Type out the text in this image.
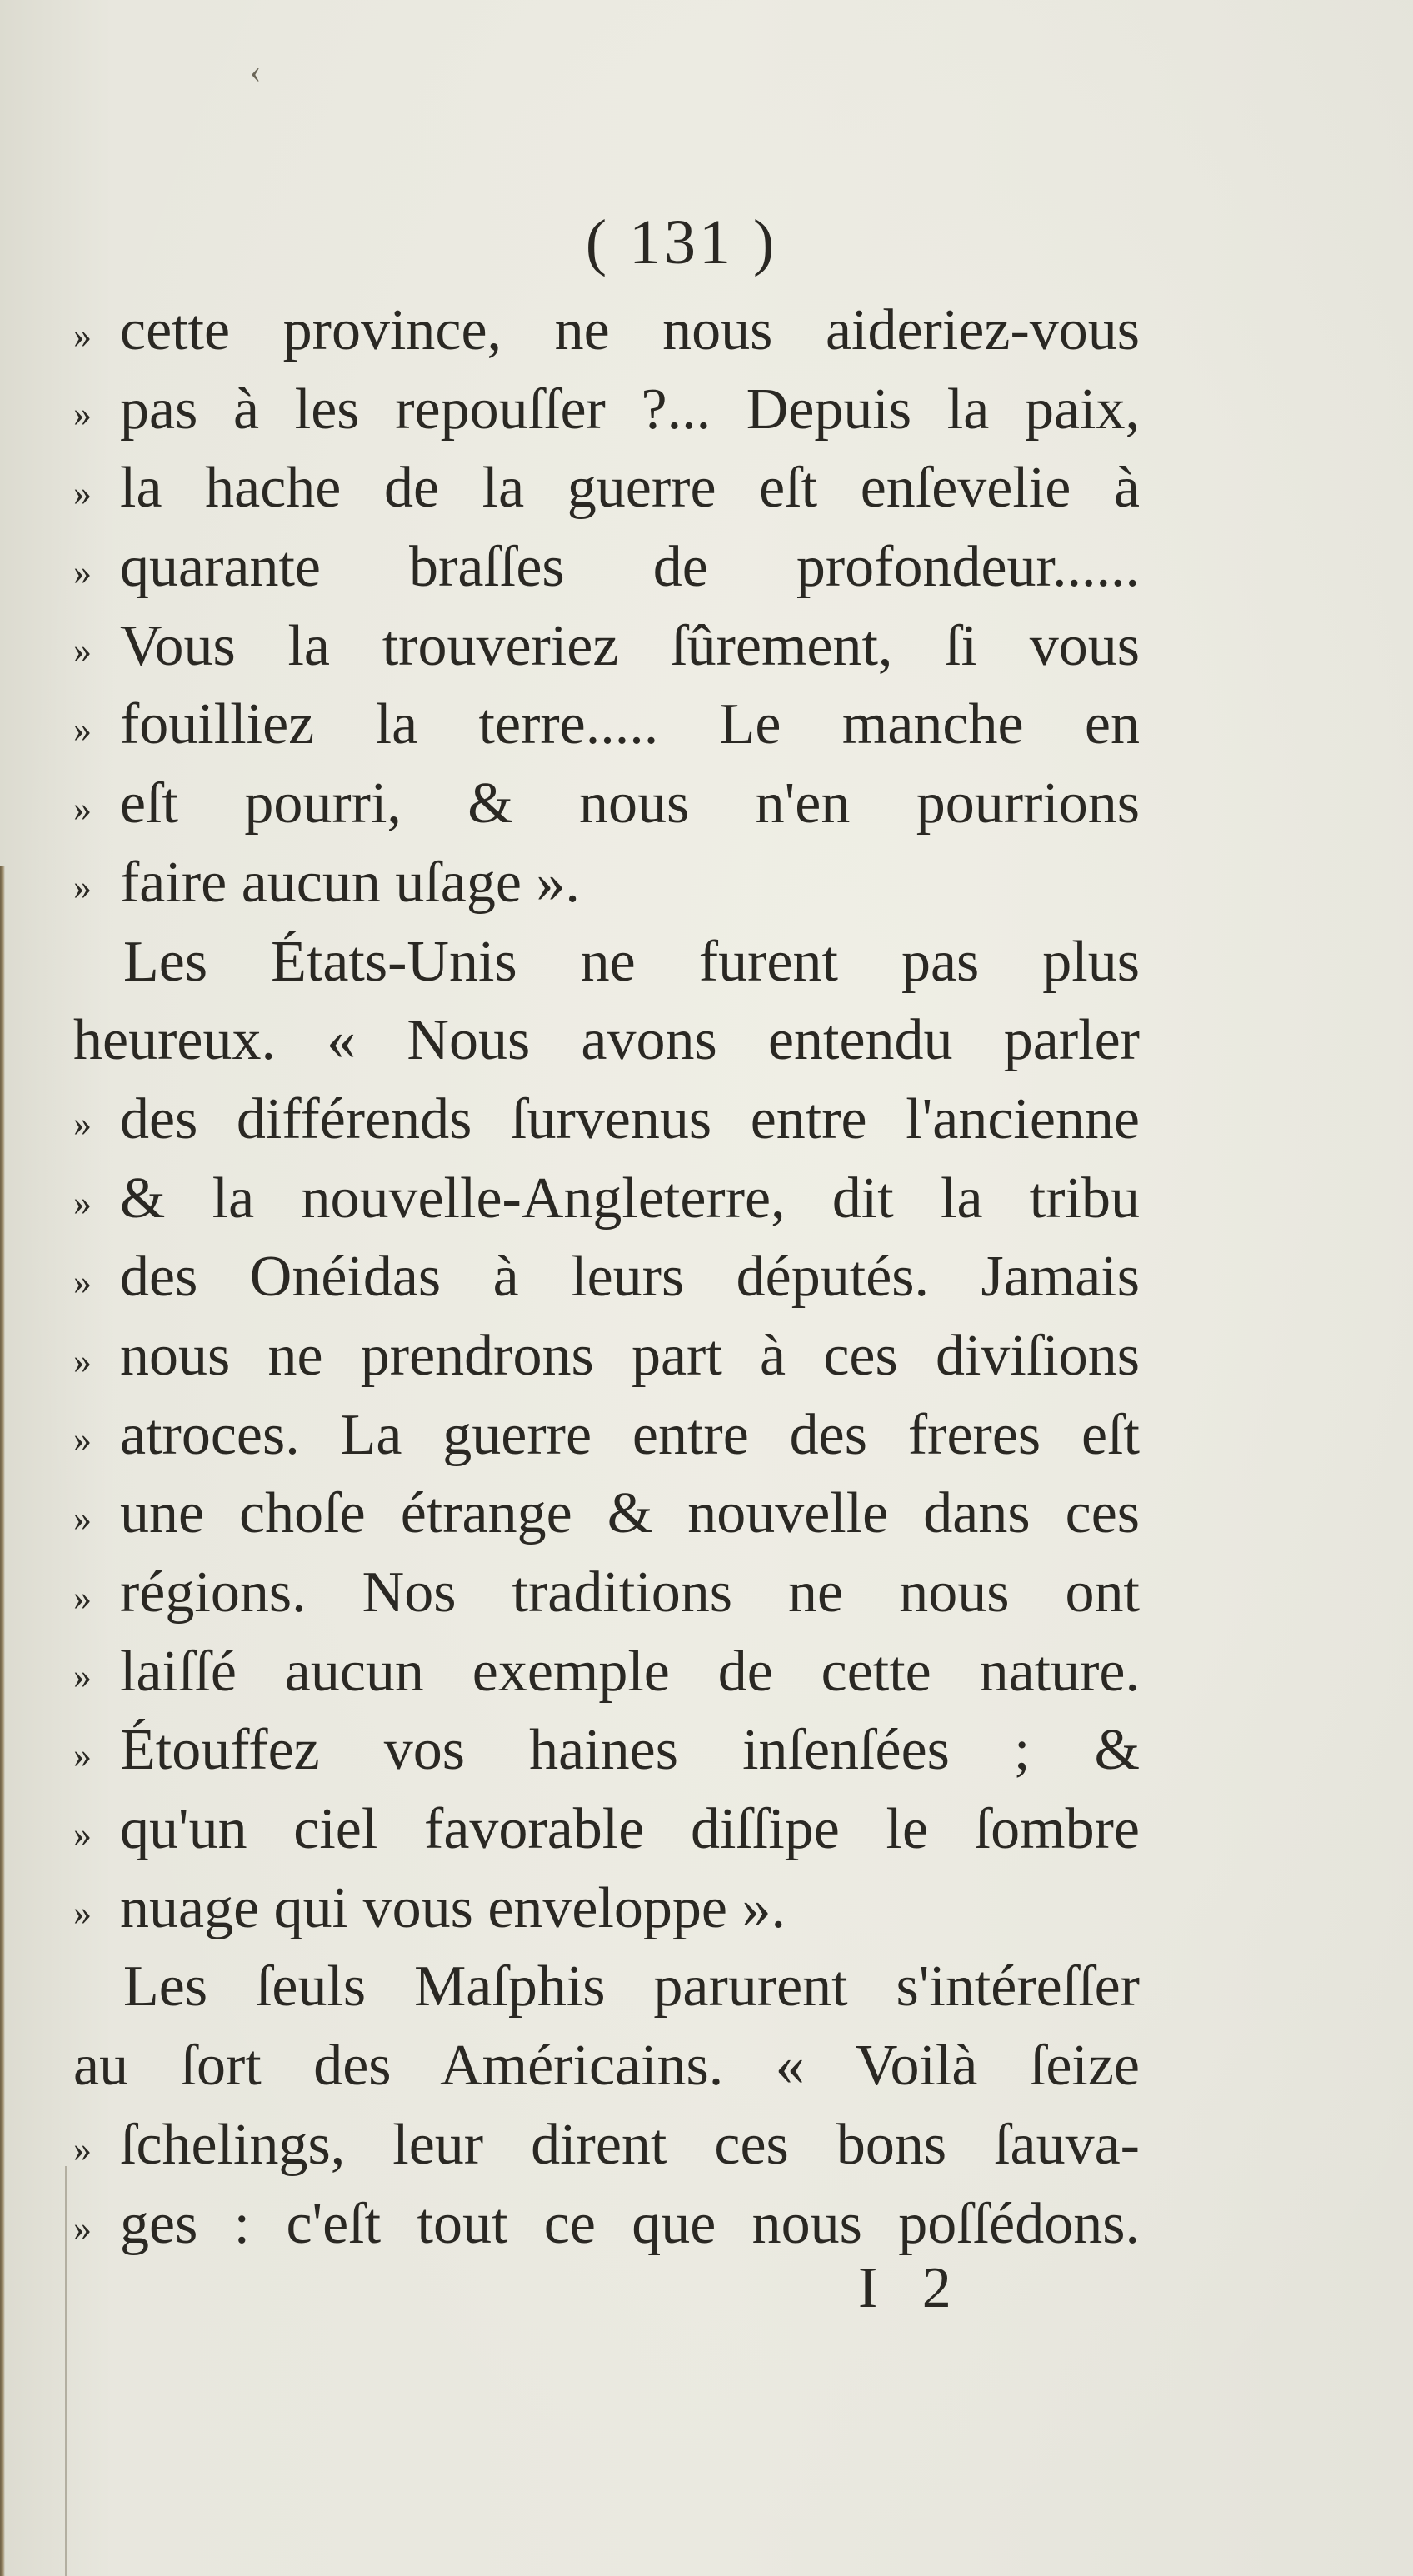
‹
( 131 )
» cette province, ne nous aideriez-vous
» pas à les repouſſer ?... Depuis la paix,
» la hache de la guerre eſt enſevelie à
» quarante braſſes de profondeur......
» Vous la trouveriez ſûrement, ſi vous
» fouilliez la terre..... Le manche en
» eſt pourri, & nous n'en pourrions
» faire aucun uſage ».
Les États-Unis ne furent pas plus
heureux. « Nous avons entendu parler
» des différends ſurvenus entre l'ancienne
» & la nouvelle-Angleterre, dit la tribu
» des Onéidas à leurs députés. Jamais
» nous ne prendrons part à ces diviſions
» atroces. La guerre entre des freres eſt
» une choſe étrange & nouvelle dans ces
» régions. Nos traditions ne nous ont
» laiſſé aucun exemple de cette nature.
» Étouffez vos haines inſenſées ; &
» qu'un ciel favorable diſſipe le ſombre
» nuage qui vous enveloppe ».
Les ſeuls Maſphis parurent s'intéreſſer
au ſort des Américains. « Voilà ſeize
» ſchelings, leur dirent ces bons ſauva-
» ges : c'eſt tout ce que nous poſſédons.
I 2
